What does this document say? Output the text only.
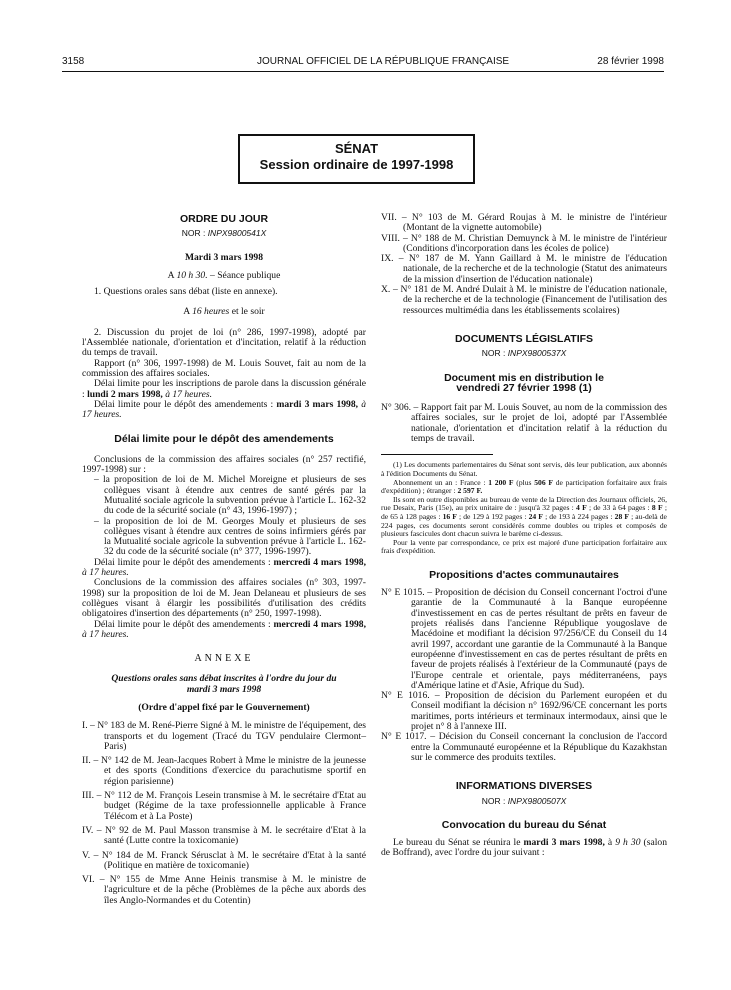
3158	JOURNAL OFFICIEL DE LA RÉPUBLIQUE FRANÇAISE	28 février 1998
SÉNAT
Session ordinaire de 1997-1998
ORDRE DU JOUR
NOR : INPX9800541X

Mardi 3 mars 1998

A 10 h 30. – Séance publique

1. Questions orales sans débat (liste en annexe).

A 16 heures et le soir

2. Discussion du projet de loi (n° 286, 1997-1998), adopté par l'Assemblée nationale, d'orientation et d'incitation, relatif à la réduction du temps de travail.

Rapport (n° 306, 1997-1998) de M. Louis Souvet, fait au nom de la commission des affaires sociales.

Délai limite pour les inscriptions de parole dans la discussion générale : lundi 2 mars 1998, à 17 heures.

Délai limite pour le dépôt des amendements : mardi 3 mars 1998, à 17 heures.

Délai limite pour le dépôt des amendements

Conclusions de la commission des affaires sociales (n° 257 rectifié, 1997-1998) sur :

– la proposition de loi de M. Michel Moreigne et plusieurs de ses collègues visant à étendre aux centres de santé gérés par la Mutualité sociale agricole la subvention prévue à l'article L. 162-32 du code de la sécurité sociale (n° 43, 1996-1997) ;

– la proposition de loi de M. Georges Mouly et plusieurs de ses collègues visant à étendre aux centres de soins infirmiers gérés par la Mutualité sociale agricole la subvention prévue à l'article L. 162-32 du code de la sécurité sociale (n° 377, 1996-1997).

Délai limite pour le dépôt des amendements : mercredi 4 mars 1998, à 17 heures.

Conclusions de la commission des affaires sociales (n° 303, 1997-1998) sur la proposition de loi de M. Jean Delaneau et plusieurs de ses collègues visant à élargir les possibilités d'utilisation des crédits obligatoires d'insertion des départements (n° 250, 1997-1998).

Délai limite pour le dépôt des amendements : mercredi 4 mars 1998, à 17 heures.

ANNEXE

Questions orales sans débat inscrites à l'ordre du jour du mardi 3 mars 1998

(Ordre d'appel fixé par le Gouvernement)

I. – N° 183 de M. René-Pierre Signé à M. le ministre de l'équipement, des transports et du logement (Tracé du TGV pendulaire Clermont–Paris)

II. – N° 142 de M. Jean-Jacques Robert à Mme le ministre de la jeunesse et des sports (Conditions d'exercice du parachutisme sportif en région parisienne)

III. – N° 112 de M. François Lesein transmise à M. le secrétaire d'Etat au budget (Régime de la taxe professionnelle applicable à France Télécom et à La Poste)

IV. – N° 92 de M. Paul Masson transmise à M. le secrétaire d'Etat à la santé (Lutte contre la toxicomanie)

V. – N° 184 de M. Franck Sérusclat à M. le secrétaire d'Etat à la santé (Politique en matière de toxicomanie)

VI. – N° 155 de Mme Anne Heinis transmise à M. le ministre de l'agriculture et de la pêche (Problèmes de la pêche aux abords des îles Anglo-Normandes et du Cotentin)

VII. – N° 103 de M. Gérard Roujas à M. le ministre de l'intérieur (Montant de la vignette automobile)

VIII. – N° 188 de M. Christian Demuynck à M. le ministre de l'intérieur (Conditions d'incorporation dans les écoles de police)

IX. – N° 187 de M. Yann Gaillard à M. le ministre de l'éducation nationale, de la recherche et de la technologie (Statut des animateurs de la mission d'insertion de l'éducation nationale)

X. – N° 181 de M. André Dulait à M. le ministre de l'éducation nationale, de la recherche et de la technologie (Financement de l'utilisation des ressources multimédia dans les établissements scolaires)

DOCUMENTS LÉGISLATIFS
NOR : INPX9800537X
Document mis en distribution le vendredi 27 février 1998 (1)

N° 306. – Rapport fait par M. Louis Souvet, au nom de la commission des affaires sociales, sur le projet de loi, adopté par l'Assemblée nationale, d'orientation et d'incitation relatif à la réduction du temps de travail.

(1) Les documents parlementaires du Sénat sont servis, dès leur publication, aux abonnés à l'édition Documents du Sénat.

Abonnement un an : France : 1 200 F (plus 506 F de participation forfaitaire aux frais d'expédition) ; étranger : 2 597 F.

Ils sont en outre disponibles au bureau de vente de la Direction des Journaux officiels, 26, rue Desaix, Paris (15e), au prix unitaire de : jusqu'à 32 pages : 4 F ; de 33 à 64 pages : 8 F ; de 65 à 128 pages : 16 F ; de 129 à 192 pages : 24 F ; de 193 à 224 pages : 28 F ; au-delà de 224 pages, ces documents seront considérés comme doubles ou triples et composés de plusieurs fascicules dont chacun suivra le barème ci-dessus.

Pour la vente par correspondance, ce prix est majoré d'une participation forfaitaire aux frais d'expédition.

Propositions d'actes communautaires

N° E 1015. – Proposition de décision du Conseil concernant l'octroi d'une garantie de la Communauté à la Banque européenne d'investissement en cas de pertes résultant de prêts en faveur de projets réalisés dans l'ancienne République yougoslave de Macédoine et modifiant la décision 97/256/CE du Conseil du 14 avril 1997, accordant une garantie de la Communauté à la Banque européenne d'investissement en cas de pertes résultant de prêts en faveur de projets réalisés à l'extérieur de la Communauté (pays de l'Europe centrale et orientale, pays méditerranéens, pays d'Amérique latine et d'Asie, Afrique du Sud).

N° E 1016. – Proposition de décision du Parlement européen et du Conseil modifiant la décision n° 1692/96/CE concernant les ports maritimes, ports intérieurs et terminaux intermodaux, ainsi que le projet n° 8 à l'annexe III.

N° E 1017. – Décision du Conseil concernant la conclusion de l'accord entre la Communauté européenne et la République du Kazakhstan sur le commerce des produits textiles.

INFORMATIONS DIVERSES
NOR : INPX9800507X
Convocation du bureau du Sénat

Le bureau du Sénat se réunira le mardi 3 mars 1998, à 9 h 30 (salon de Boffrand), avec l'ordre du jour suivant :
